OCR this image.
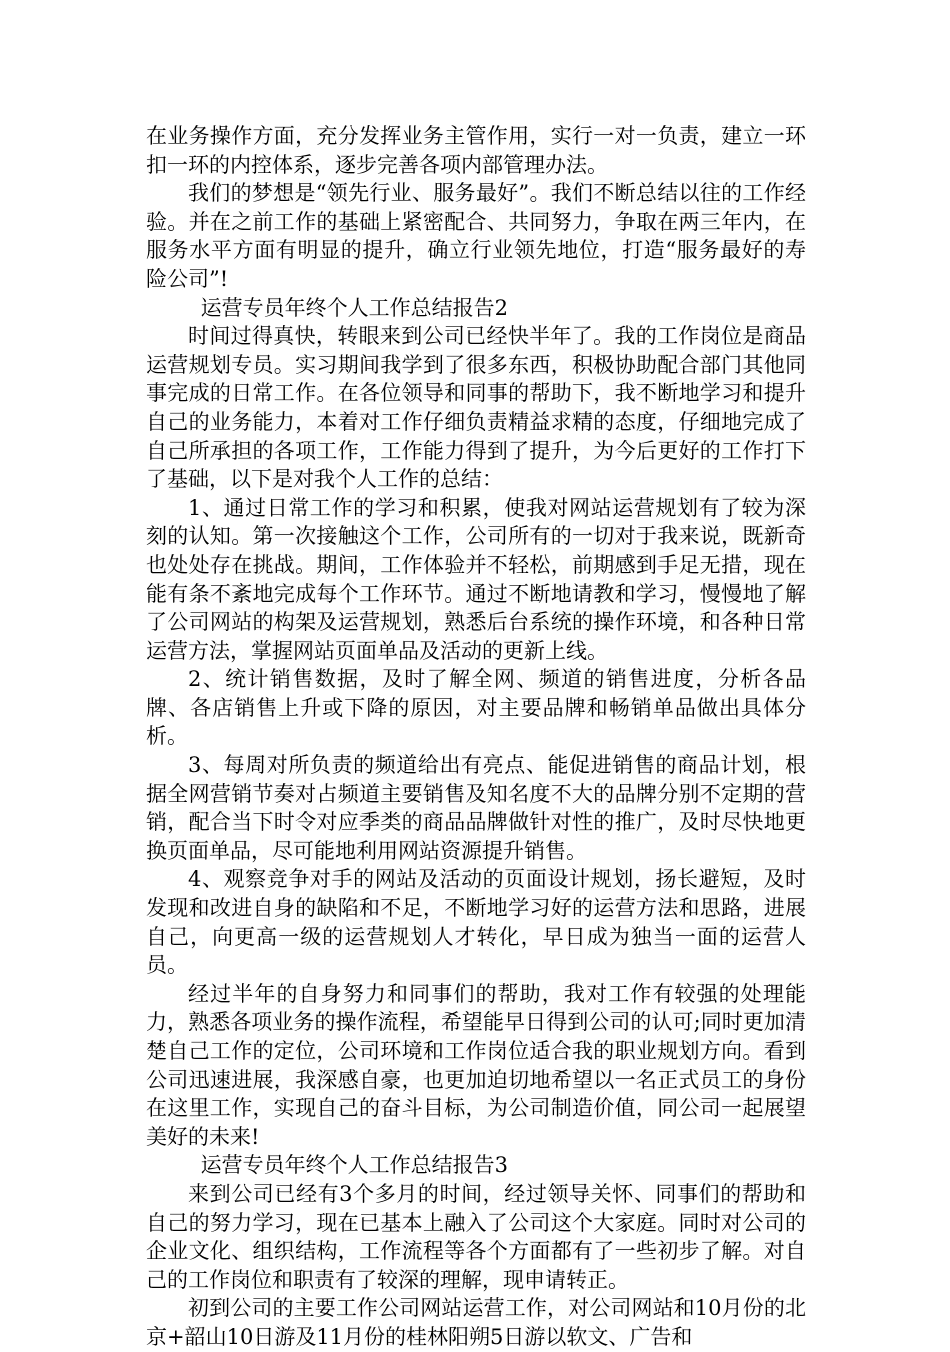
在业务操作方面，充分发挥业务主管作用，实行一对一负责，建立一环扣一环的内控体系，逐步完善各项内部管理办法。

我们的梦想是“领先行业、服务最好”。我们不断总结以往的工作经验。并在之前工作的基础上紧密配合、共同努力，争取在两三年内，在服务水平方面有明显的提升，确立行业领先地位，打造“服务最好的寿险公司”!

运营专员年终个人工作总结报告2

时间过得真快，转眼来到公司已经快半年了。我的工作岗位是商品运营规划专员。实习期间我学到了很多东西，积极协助配合部门其他同事完成的日常工作。在各位领导和同事的帮助下，我不断地学习和提升自己的业务能力，本着对工作仔细负责精益求精的态度，仔细地完成了自己所承担的各项工作，工作能力得到了提升，为今后更好的工作打下了基础，以下是对我个人工作的总结：

1、通过日常工作的学习和积累，使我对网站运营规划有了较为深刻的认知。第一次接触这个工作，公司所有的一切对于我来说，既新奇也处处存在挑战。期间，工作体验并不轻松，前期感到手足无措，现在能有条不紊地完成每个工作环节。通过不断地请教和学习，慢慢地了解了公司网站的构架及运营规划，熟悉后台系统的操作环境，和各种日常运营方法，掌握网站页面单品及活动的更新上线。

2、统计销售数据，及时了解全网、频道的销售进度，分析各品牌、各店销售上升或下降的原因，对主要品牌和畅销单品做出具体分析。

3、每周对所负责的频道给出有亮点、能促进销售的商品计划，根据全网营销节奏对占频道主要销售及知名度不大的品牌分别不定期的营销，配合当下时令对应季类的商品品牌做针对性的推广，及时尽快地更换页面单品，尽可能地利用网站资源提升销售。

4、观察竞争对手的网站及活动的页面设计规划，扬长避短，及时发现和改进自身的缺陷和不足，不断地学习好的运营方法和思路，进展自己，向更高一级的运营规划人才转化，早日成为独当一面的运营人员。

经过半年的自身努力和同事们的帮助，我对工作有较强的处理能力，熟悉各项业务的操作流程，希望能早日得到公司的认可;同时更加清楚自己工作的定位，公司环境和工作岗位适合我的职业规划方向。看到公司迅速进展，我深感自豪，也更加迫切地希望以一名正式员工的身份在这里工作，实现自己的奋斗目标，为公司制造价值，同公司一起展望美好的未来!

运营专员年终个人工作总结报告3

来到公司已经有3个多月的时间，经过领导关怀、同事们的帮助和自己的努力学习，现在已基本上融入了公司这个大家庭。同时对公司的企业文化、组织结构，工作流程等各个方面都有了一些初步了解。对自己的工作岗位和职责有了较深的理解，现申请转正。

初到公司的主要工作公司网站运营工作，对公司网站和10月份的北京+韶山10日游及11月份的桂林阳朔5日游以软文、广告和
